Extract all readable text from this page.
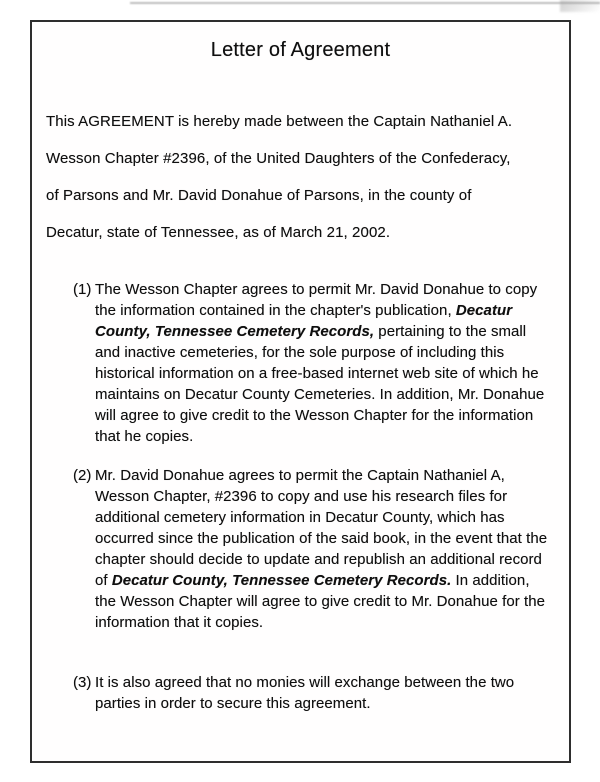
Letter of Agreement
This AGREEMENT is hereby made between the Captain Nathaniel A.
Wesson Chapter #2396, of the United Daughters of the Confederacy,
of Parsons and Mr. David Donahue of Parsons, in the county of
Decatur, state of Tennessee, as of March 21, 2002.
(1) The Wesson Chapter agrees to permit Mr. David Donahue to copy the information contained in the chapter's publication, Decatur County, Tennessee Cemetery Records, pertaining to the small and inactive cemeteries, for the sole purpose of including this historical information on a free-based internet web site of which he maintains on Decatur County Cemeteries. In addition, Mr. Donahue will agree to give credit to the Wesson Chapter for the information that he copies.
(2) Mr. David Donahue agrees to permit the Captain Nathaniel A, Wesson Chapter, #2396 to copy and use his research files for additional cemetery information in Decatur County, which has occurred since the publication of the said book, in the event that the chapter should decide to update and republish an additional record of Decatur County, Tennessee Cemetery Records. In addition, the Wesson Chapter will agree to give credit to Mr. Donahue for the information that it copies.
(3) It is also agreed that no monies will exchange between the two parties in order to secure this agreement.
